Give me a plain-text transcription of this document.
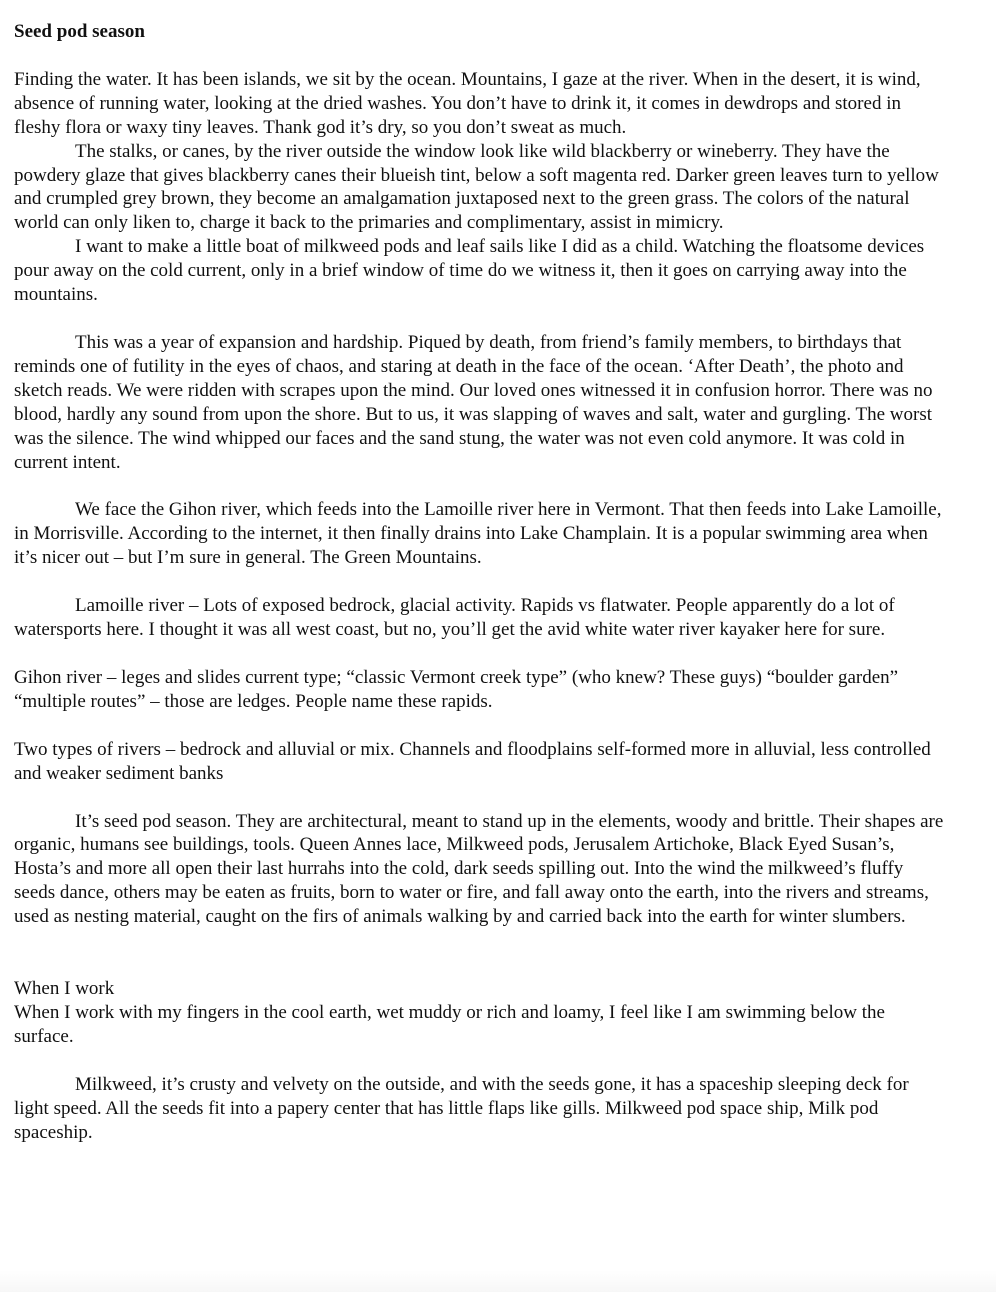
Seed pod season

Finding the water. It has been islands, we sit by the ocean. Mountains, I gaze at the river. When in the desert, it is wind, absence of running water, looking at the dried washes. You don’t have to drink it, it comes in dewdrops and stored in fleshy flora or waxy tiny leaves. Thank god it’s dry, so you don’t sweat as much.

The stalks, or canes, by the river outside the window look like wild blackberry or wineberry. They have the powdery glaze that gives blackberry canes their blueish tint, below a soft magenta red. Darker green leaves turn to yellow and crumpled grey brown, they become an amalgamation juxtaposed next to the green grass. The colors of the natural world can only liken to, charge it back to the primaries and complimentary, assist in mimicry.

I want to make a little boat of milkweed pods and leaf sails like I did as a child. Watching the floatsome devices pour away on the cold current, only in a brief window of time do we witness it, then it goes on carrying away into the mountains.

This was a year of expansion and hardship. Piqued by death, from friend’s family members, to birthdays that reminds one of futility in the eyes of chaos, and staring at death in the face of the ocean. ‘After Death’, the photo and sketch reads. We were ridden with scrapes upon the mind. Our loved ones witnessed it in confusion horror. There was no blood, hardly any sound from upon the shore. But to us, it was slapping of waves and salt, water and gurgling. The worst was the silence. The wind whipped our faces and the sand stung, the water was not even cold anymore. It was cold in current intent.

We face the Gihon river, which feeds into the Lamoille river here in Vermont. That then feeds into Lake Lamoille, in Morrisville. According to the internet, it then finally drains into Lake Champlain. It is a popular swimming area when it’s nicer out – but I’m sure in general. The Green Mountains.

Lamoille river – Lots of exposed bedrock, glacial activity. Rapids vs flatwater. People apparently do a lot of watersports here. I thought it was all west coast, but no, you’ll get the avid white water river kayaker here for sure.

Gihon river – leges and slides current type; “classic Vermont creek type” (who knew? These guys) “boulder garden” “multiple routes” – those are ledges. People name these rapids.

Two types of rivers – bedrock and alluvial or mix. Channels and floodplains self-formed more in alluvial, less controlled and weaker sediment banks

It’s seed pod season. They are architectural, meant to stand up in the elements, woody and brittle. Their shapes are organic, humans see buildings, tools. Queen Annes lace, Milkweed pods, Jerusalem Artichoke, Black Eyed Susan’s, Hosta’s and more all open their last hurrahs into the cold, dark seeds spilling out. Into the wind the milkweed’s fluffy seeds dance, others may be eaten as fruits, born to water or fire, and fall away onto the earth, into the rivers and streams, used as nesting material, caught on the firs of animals walking by and carried back into the earth for winter slumbers.

When I work

When I work with my fingers in the cool earth, wet muddy or rich and loamy, I feel like I am swimming below the surface.

Milkweed, it’s crusty and velvety on the outside, and with the seeds gone, it has a spaceship sleeping deck for light speed. All the seeds fit into a papery center that has little flaps like gills. Milkweed pod space ship, Milk pod spaceship.
